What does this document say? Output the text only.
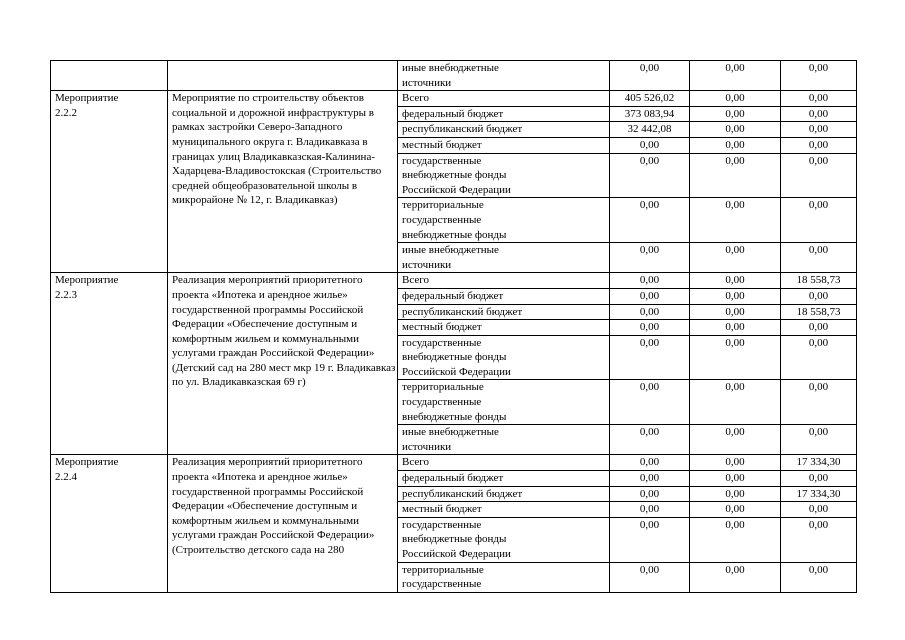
		иные внебюджетные
источники	0,00	0,00	0,00
Мероприятие
2.2.2	Мероприятие по строительству объектов социальной и дорожной инфраструктуры в рамках застройки Северо-Западного муниципального округа г. Владикавказа в границах улиц Владикавказская-Калинина-Хадарцева-Владивостокская (Строительство средней общеобразовательной школы в микрорайоне № 12, г. Владикавказ)	Всего	405 526,02	0,00	0,00
		федеральный бюджет	373 083,94	0,00	0,00
		республиканский бюджет	32 442,08	0,00	0,00
		местный бюджет	0,00	0,00	0,00
		государственные
внебюджетные фонды
Российской Федерации	0,00	0,00	0,00
		территориальные
государственные
внебюджетные фонды	0,00	0,00	0,00
		иные внебюджетные
источники	0,00	0,00	0,00
Мероприятие
2.2.3	Реализация мероприятий приоритетного проекта «Ипотека и арендное жилье» государственной программы Российской Федерации «Обеспечение доступным и комфортным жильем и коммунальными услугами граждан Российской Федерации» (Детский сад на 280 мест мкр 19 г. Владикавказ по ул. Владикавказская 69 г)	Всего	0,00	0,00	18 558,73
		федеральный бюджет	0,00	0,00	0,00
		республиканский бюджет	0,00	0,00	18 558,73
		местный бюджет	0,00	0,00	0,00
		государственные
внебюджетные фонды
Российской Федерации	0,00	0,00	0,00
		территориальные
государственные
внебюджетные фонды	0,00	0,00	0,00
		иные внебюджетные
источники	0,00	0,00	0,00
Мероприятие
2.2.4	Реализация мероприятий приоритетного проекта «Ипотека и арендное жилье» государственной программы Российской Федерации «Обеспечение доступным и комфортным жильем и коммунальными услугами граждан Российской Федерации» (Строительство детского сада на 280	Всего	0,00	0,00	17 334,30
		федеральный бюджет	0,00	0,00	0,00
		республиканский бюджет	0,00	0,00	17 334,30
		местный бюджет	0,00	0,00	0,00
		государственные
внебюджетные фонды
Российской Федерации	0,00	0,00	0,00
		территориальные
государственные	0,00	0,00	0,00
